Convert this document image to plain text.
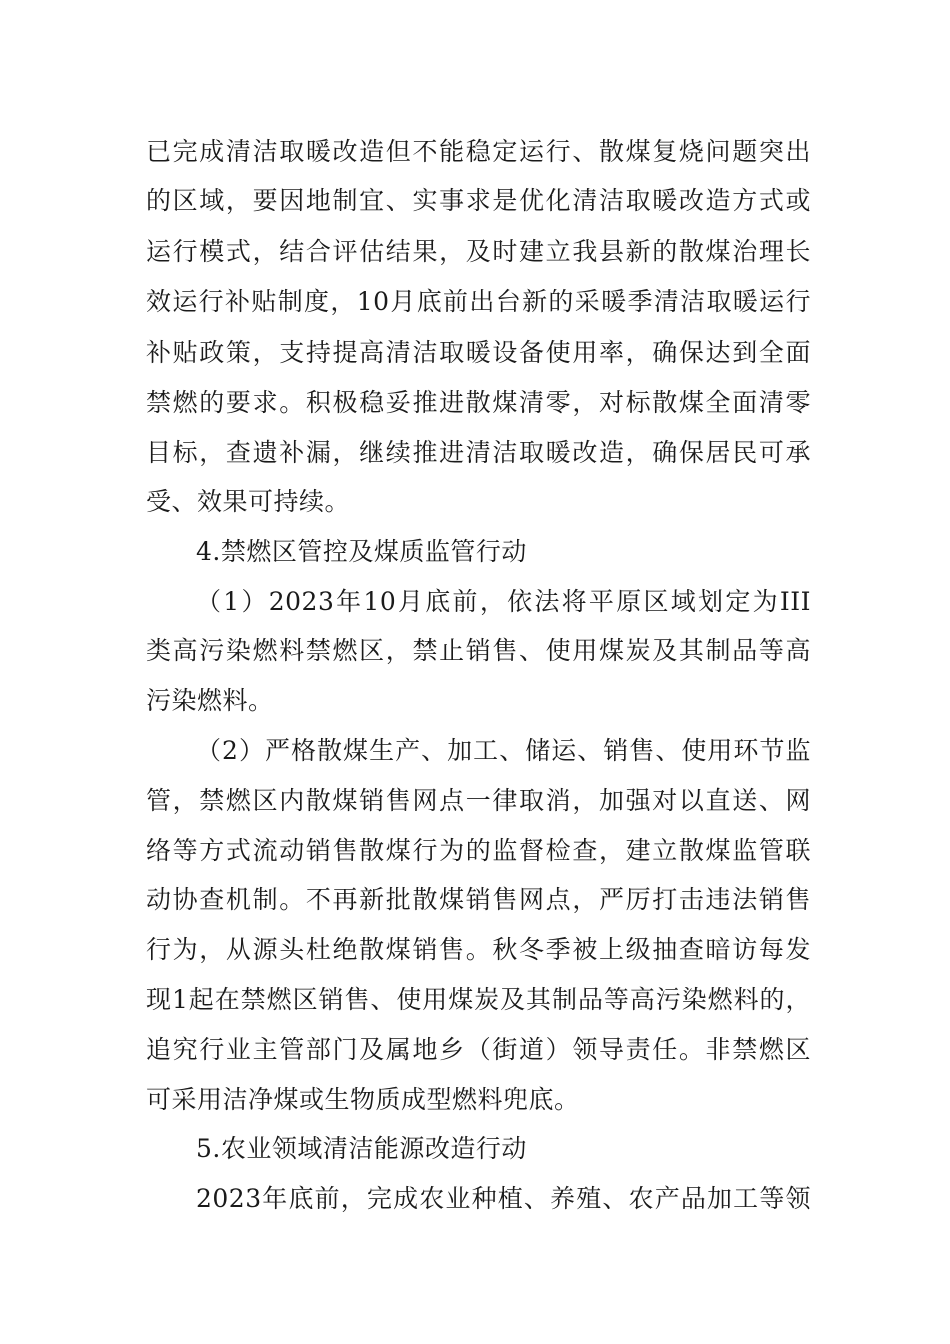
已完成清洁取暖改造但不能稳定运行、散煤复烧问题突出
的区域，要因地制宜、实事求是优化清洁取暖改造方式或
运行模式，结合评估结果，及时建立我县新的散煤治理长
效运行补贴制度，10月底前出台新的采暖季清洁取暖运行
补贴政策，支持提高清洁取暖设备使用率，确保达到全面
禁燃的要求。积极稳妥推进散煤清零，对标散煤全面清零
目标，查遗补漏，继续推进清洁取暖改造，确保居民可承
受、效果可持续。
4.禁燃区管控及煤质监管行动
（1）2023年10月底前，依法将平原区域划定为III
类高污染燃料禁燃区，禁止销售、使用煤炭及其制品等高
污染燃料。
（2）严格散煤生产、加工、储运、销售、使用环节监
管，禁燃区内散煤销售网点一律取消，加强对以直送、网
络等方式流动销售散煤行为的监督检查，建立散煤监管联
动协查机制。不再新批散煤销售网点，严厉打击违法销售
行为，从源头杜绝散煤销售。秋冬季被上级抽查暗访每发
现1起在禁燃区销售、使用煤炭及其制品等高污染燃料的，
追究行业主管部门及属地乡（街道）领导责任。非禁燃区
可采用洁净煤或生物质成型燃料兜底。
5.农业领域清洁能源改造行动
2023年底前，完成农业种植、养殖、农产品加工等领
